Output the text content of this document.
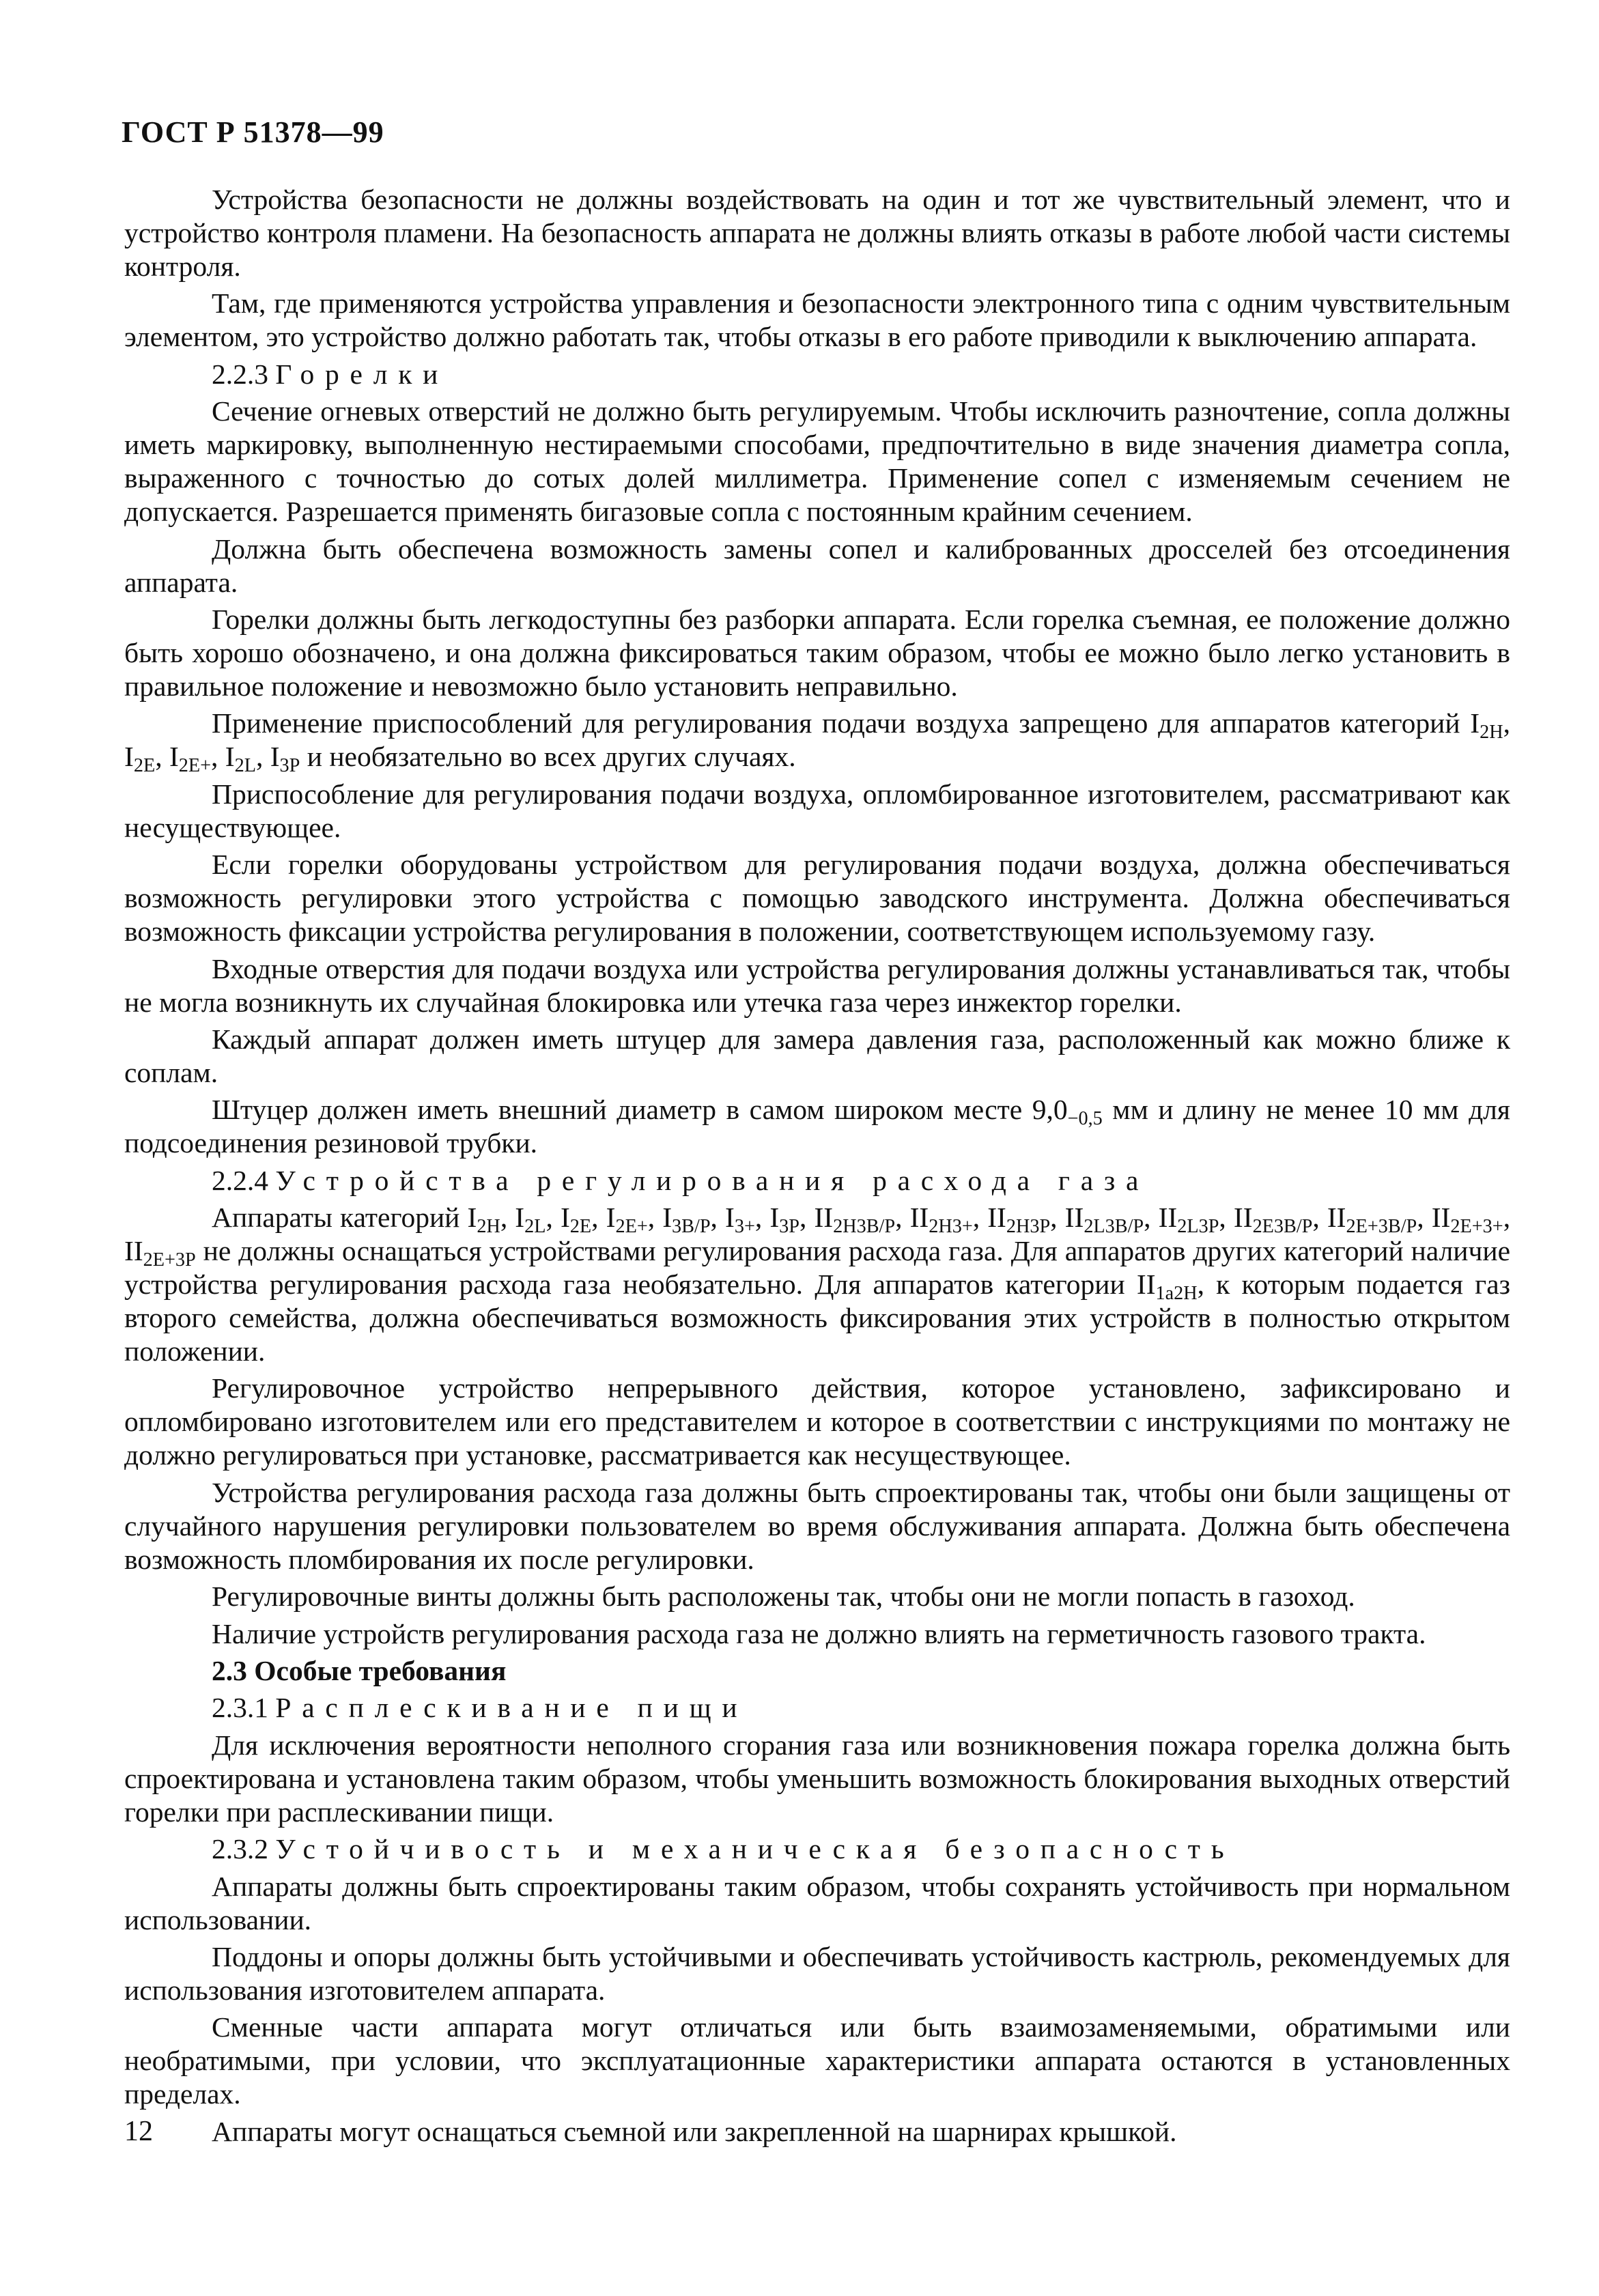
ГОСТ Р 51378—99

Устройства безопасности не должны воздействовать на один и тот же чувствительный элемент, что и устройство контроля пламени. На безопасность аппарата не должны влиять отказы в работе любой части системы контроля.

Там, где применяются устройства управления и безопасности электронного типа с одним чувствительным элементом, это устройство должно работать так, чтобы отказы в его работе приводили к выключению аппарата.

2.2.3 Горелки

Сечение огневых отверстий не должно быть регулируемым. Чтобы исключить разночтение, сопла должны иметь маркировку, выполненную нестираемыми способами, предпочтительно в виде значения диаметра сопла, выраженного с точностью до сотых долей миллиметра. Применение сопел с изменяемым сечением не допускается. Разрешается применять бигазовые сопла с постоянным крайним сечением.

Должна быть обеспечена возможность замены сопел и калиброванных дросселей без отсоединения аппарата.

Горелки должны быть легкодоступны без разборки аппарата. Если горелка съемная, ее положение должно быть хорошо обозначено, и она должна фиксироваться таким образом, чтобы ее можно было легко установить в правильное положение и невозможно было установить неправильно.

Применение приспособлений для регулирования подачи воздуха запрещено для аппаратов категорий $I_{2H}$, $I_{2E}$, $I_{2E+}$, $I_{2L}$, $I_{3P}$ и необязательно во всех других случаях.

Приспособление для регулирования подачи воздуха, опломбированное изготовителем, рассматривают как несуществующее.

Если горелки оборудованы устройством для регулирования подачи воздуха, должна обеспечиваться возможность регулировки этого устройства с помощью заводского инструмента. Должна обеспечиваться возможность фиксации устройства регулирования в положении, соответствующем используемому газу.

Входные отверстия для подачи воздуха или устройства регулирования должны устанавливаться так, чтобы не могла возникнуть их случайная блокировка или утечка газа через инжектор горелки.

Каждый аппарат должен иметь штуцер для замера давления газа, расположенный как можно ближе к соплам.

Штуцер должен иметь внешний диаметр в самом широком месте $9,0_{-0,5}$ мм и длину не менее 10 мм для подсоединения резиновой трубки.

2.2.4 Устройства регулирования расхода газа

Аппараты категорий $I_{2H}$, $I_{2L}$, $I_{2E}$, $I_{2E+}$, $I_{3B/P}$, $I_{3+}$, $I_{3P}$, $II_{2H3B/P}$, $II_{2H3+}$, $II_{2H3P}$, $II_{2L3B/P}$, $II_{2L3P}$, $II_{2E3B/P}$, $II_{2E+3B/P}$, $II_{2E+3+}$, $II_{2E+3P}$ не должны оснащаться устройствами регулирования расхода газа. Для аппаратов других категорий наличие устройства регулирования расхода газа необязательно. Для аппаратов категории $II_{1a2H}$, к которым подается газ второго семейства, должна обеспечиваться возможность фиксирования этих устройств в полностью открытом положении.

Регулировочное устройство непрерывного действия, которое установлено, зафиксировано и опломбировано изготовителем или его представителем и которое в соответствии с инструкциями по монтажу не должно регулироваться при установке, рассматривается как несуществующее.

Устройства регулирования расхода газа должны быть спроектированы так, чтобы они были защищены от случайного нарушения регулировки пользователем во время обслуживания аппарата. Должна быть обеспечена возможность пломбирования их после регулировки.

Регулировочные винты должны быть расположены так, чтобы они не могли попасть в газоход.

Наличие устройств регулирования расхода газа не должно влиять на герметичность газового тракта.

2.3 Особые требования

2.3.1 Расплескивание пищи

Для исключения вероятности неполного сгорания газа или возникновения пожара горелка должна быть спроектирована и установлена таким образом, чтобы уменьшить возможность блокирования выходных отверстий горелки при расплескивании пищи.

2.3.2 Устойчивость и механическая безопасность

Аппараты должны быть спроектированы таким образом, чтобы сохранять устойчивость при нормальном использовании.

Поддоны и опоры должны быть устойчивыми и обеспечивать устойчивость кастрюль, рекомендуемых для использования изготовителем аппарата.

Сменные части аппарата могут отличаться или быть взаимозаменяемыми, обратимыми или необратимыми, при условии, что эксплуатационные характеристики аппарата остаются в установленных пределах.

Аппараты могут оснащаться съемной или закрепленной на шарнирах крышкой.

12
